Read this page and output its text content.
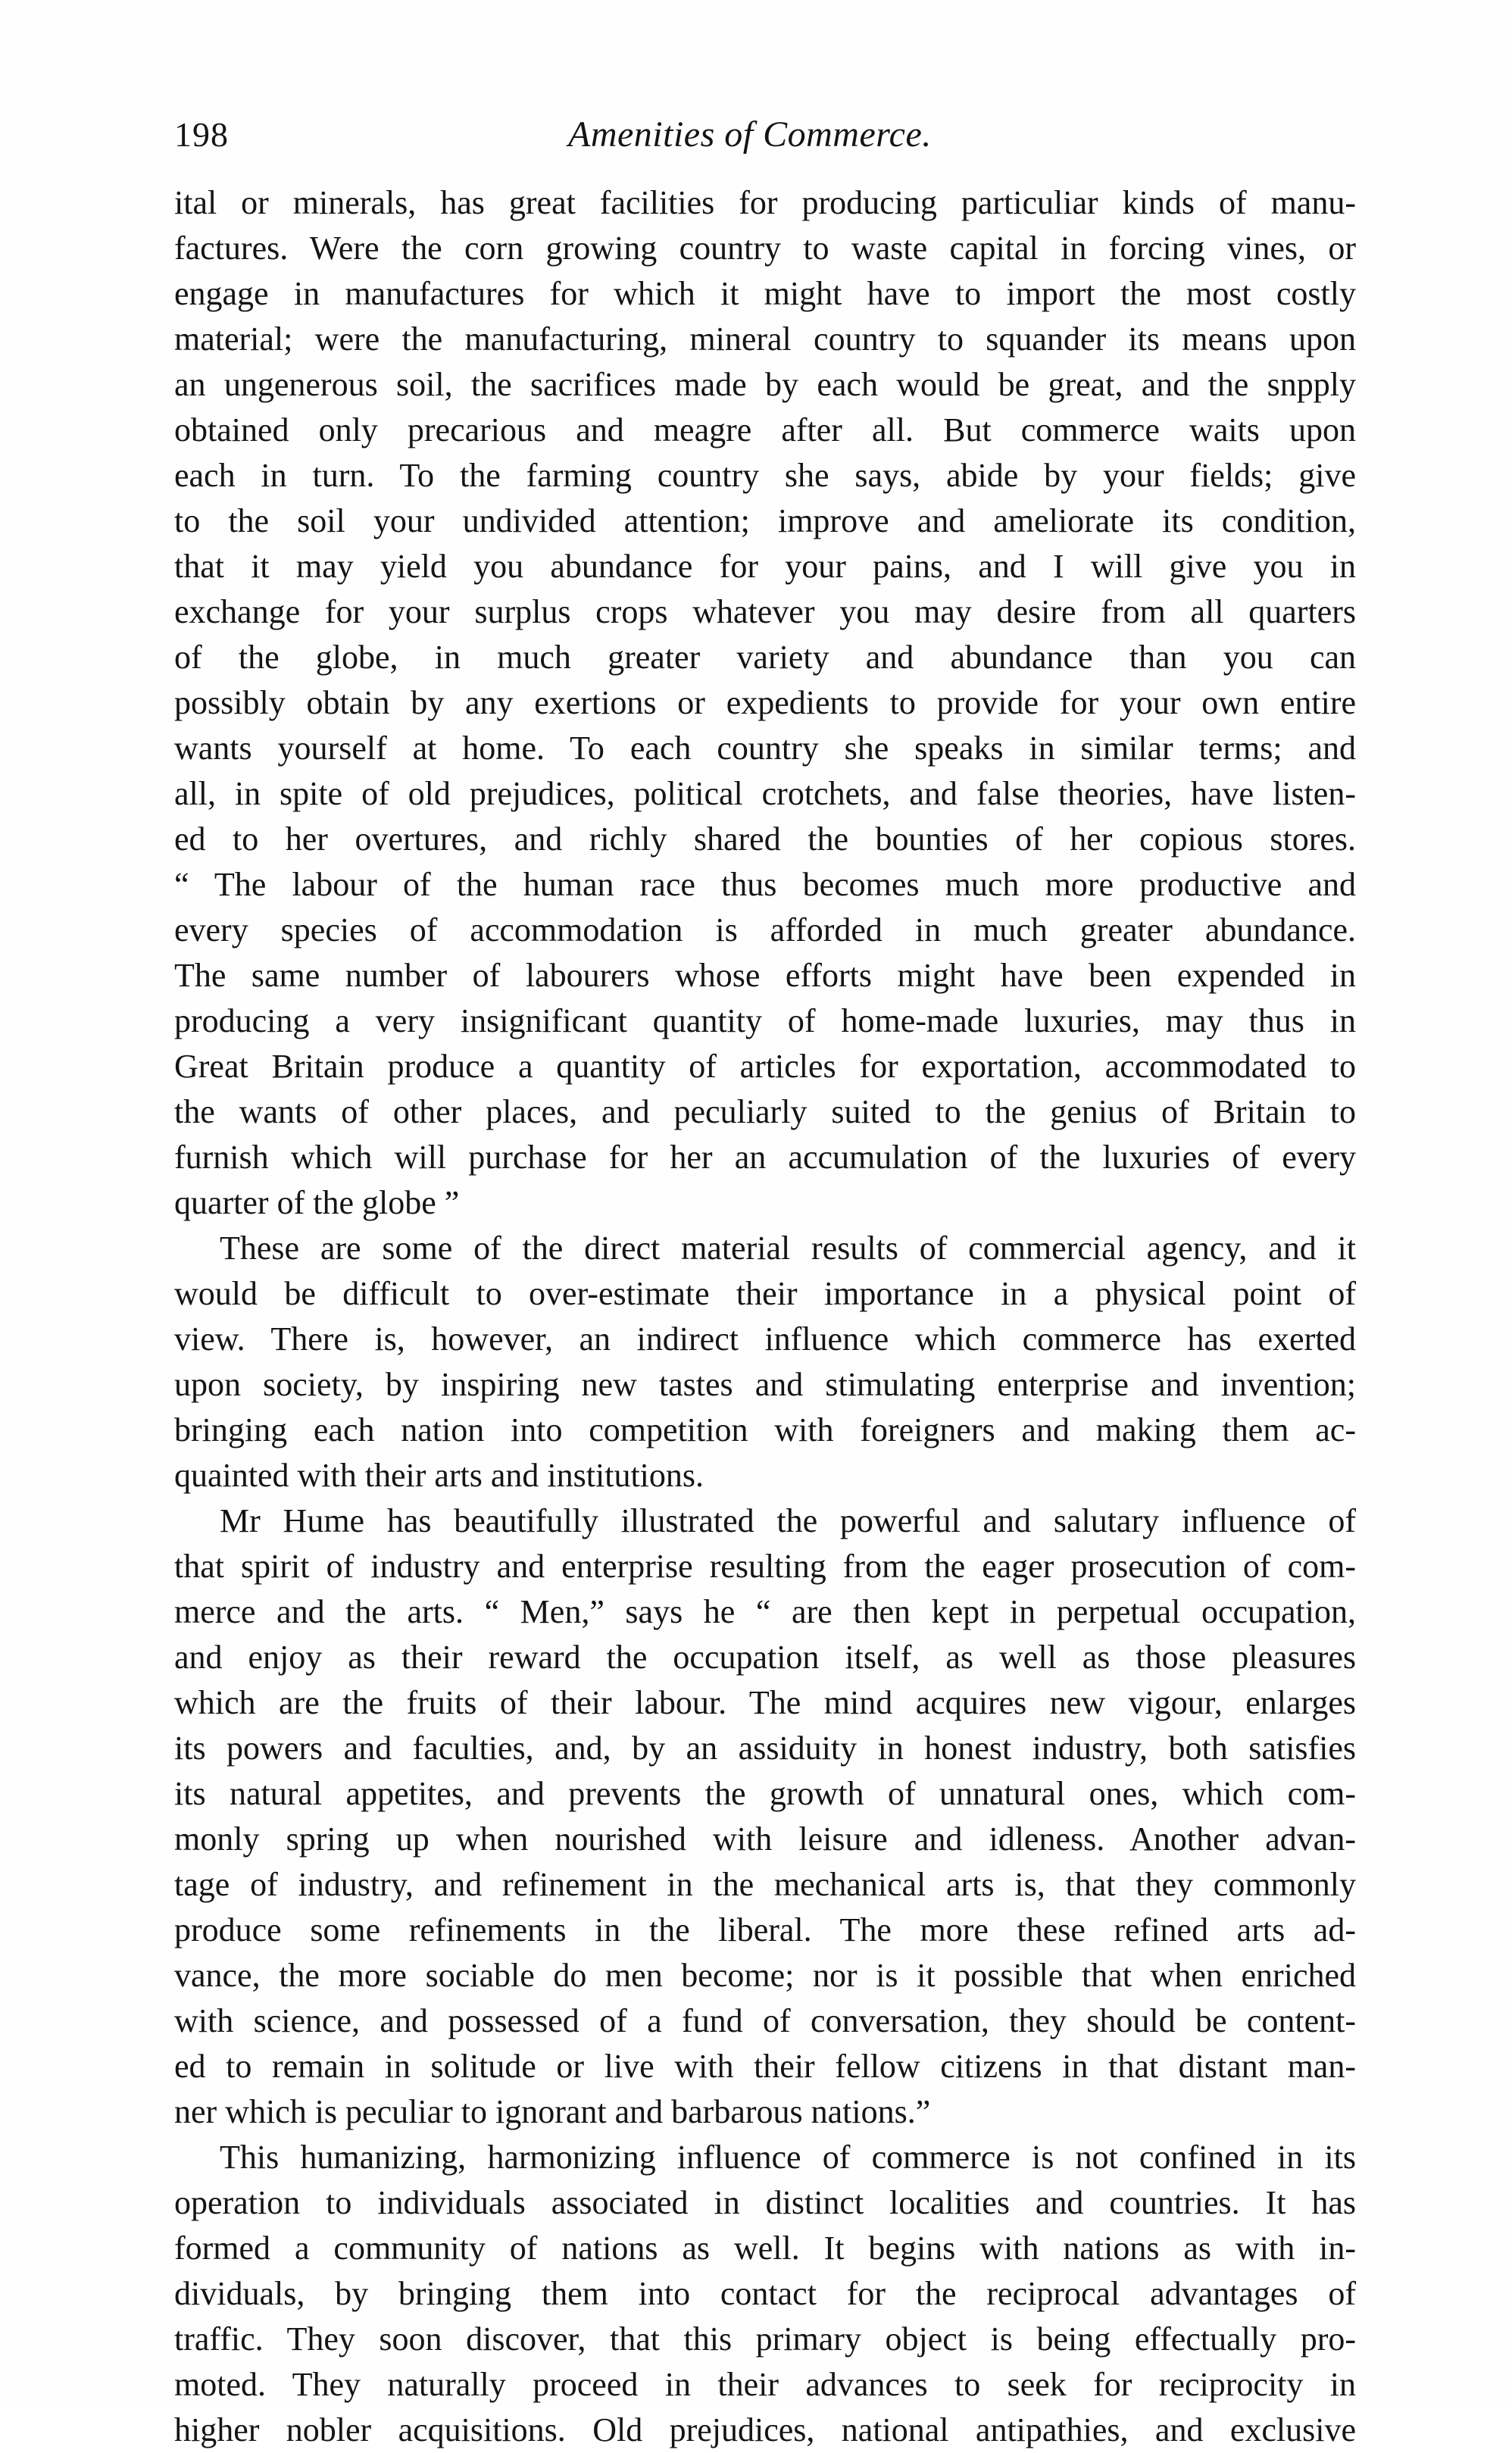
198	Amenities of Commerce.

ital or minerals, has great facilities for producing particuliar kinds of manu-
factures. Were the corn growing country to waste capital in forcing vines, or
engage in manufactures for which it might have to import the most costly
material; were the manufacturing, mineral country to squander its means upon
an ungenerous soil, the sacrifices made by each would be great, and the snpply
obtained only precarious and meagre after all. But commerce waits upon
each in turn. To the farming country she says, abide by your fields; give
to the soil your undivided attention; improve and ameliorate its condition,
that it may yield you abundance for your pains, and I will give you in
exchange for your surplus crops whatever you may desire from all quarters
of the globe, in much greater variety and abundance than you can
possibly obtain by any exertions or expedients to provide for your own entire
wants yourself at home. To each country she speaks in similar terms; and
all, in spite of old prejudices, political crotchets, and false theories, have listen-
ed to her overtures, and richly shared the bounties of her copious stores.
“ The labour of the human race thus becomes much more productive and
every species of accommodation is afforded in much greater abundance.
The same number of labourers whose efforts might have been expended in
producing a very insignificant quantity of home-made luxuries, may thus in
Great Britain produce a quantity of articles for exportation, accommodated to
the wants of other places, and peculiarly suited to the genius of Britain to
furnish which will purchase for her an accumulation of the luxuries of every
quarter of the globe ”

These are some of the direct material results of commercial agency, and it
would be difficult to over-estimate their importance in a physical point of
view. There is, however, an indirect influence which commerce has exerted
upon society, by inspiring new tastes and stimulating enterprise and invention;
bringing each nation into competition with foreigners and making them ac-
quainted with their arts and institutions.

Mr Hume has beautifully illustrated the powerful and salutary influence of
that spirit of industry and enterprise resulting from the eager prosecution of com-
merce and the arts. “ Men,” says he “ are then kept in perpetual occupation,
and enjoy as their reward the occupation itself, as well as those pleasures
which are the fruits of their labour. The mind acquires new vigour, enlarges
its powers and faculties, and, by an assiduity in honest industry, both satisfies
its natural appetites, and prevents the growth of unnatural ones, which com-
monly spring up when nourished with leisure and idleness. Another advan-
tage of industry, and refinement in the mechanical arts is, that they commonly
produce some refinements in the liberal. The more these refined arts ad-
vance, the more sociable do men become; nor is it possible that when enriched
with science, and possessed of a fund of conversation, they should be content-
ed to remain in solitude or live with their fellow citizens in that distant man-
ner which is peculiar to ignorant and barbarous nations.”

This humanizing, harmonizing influence of commerce is not confined in its
operation to individuals associated in distinct localities and countries. It has
formed a community of nations as well. It begins with nations as with in-
dividuals, by bringing them into contact for the reciprocal advantages of
traffic. They soon discover, that this primary object is being effectually pro-
moted. They naturally proceed in their advances to seek for reciprocity in
higher nobler acquisitions. Old prejudices, national antipathies, and exclusive
